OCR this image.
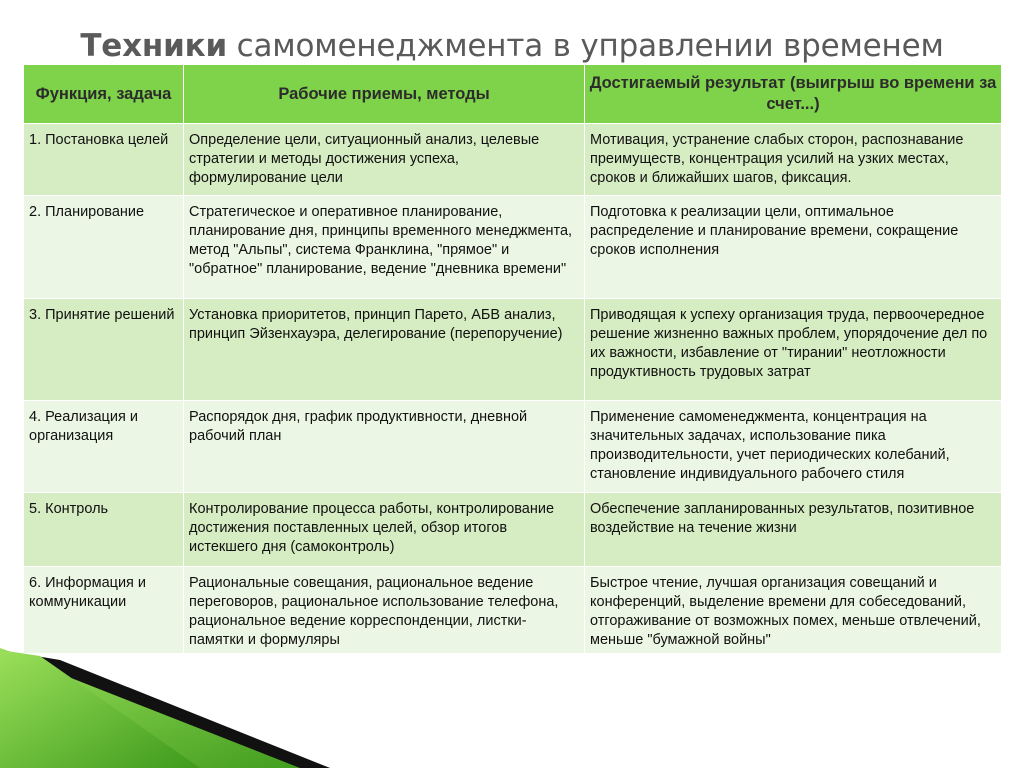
Техники самоменеджмента в управлении временем
Функция, задача	Рабочие приемы, методы	Достигаемый результат (выигрыш во времени за счет...)
1. Постановка целей	Определение цели, ситуационный анализ, целевые стратегии и методы достижения успеха, формулирование цели	Мотивация, устранение слабых сторон, распознавание преимуществ, концентрация усилий на узких местах, сроков и ближайших шагов, фиксация.
2. Планирование	Стратегическое и оперативное планирование, планирование дня, принципы временного менеджмента, метод "Альпы", система Франклина, "прямое" и "обратное" планирование, ведение "дневника времени"	Подготовка к реализации цели, оптимальное распределение и планирование времени, сокращение сроков исполнения
3. Принятие решений	Установка приоритетов, принцип Парето, АБВ анализ, принцип Эйзенхауэра, делегирование (перепоручение)	Приводящая к успеху организация труда, первоочередное решение жизненно важных проблем, упорядочение дел по их важности, избавление от "тирании" неотложности продуктивность трудовых затрат
4. Реализация и организация	Распорядок дня, график продуктивности, дневной рабочий план	Применение самоменеджмента, концентрация на значительных задачах, использование пика производительности, учет периодических колебаний, становление индивидуального рабочего стиля
5. Контроль	Контролирование процесса работы, контролирование достижения поставленных целей, обзор итогов истекшего дня (самоконтроль)	Обеспечение запланированных результатов, позитивное воздействие на течение жизни
6. Информация и коммуникации	Рациональные совещания, рациональное ведение переговоров, рациональное использование телефона, рациональное ведение корреспонденции, листки-памятки и формуляры	Быстрое чтение, лучшая организация совещаний и конференций, выделение времени для собеседований, отгораживание от возможных помех, меньше отвлечений, меньше "бумажной войны"
